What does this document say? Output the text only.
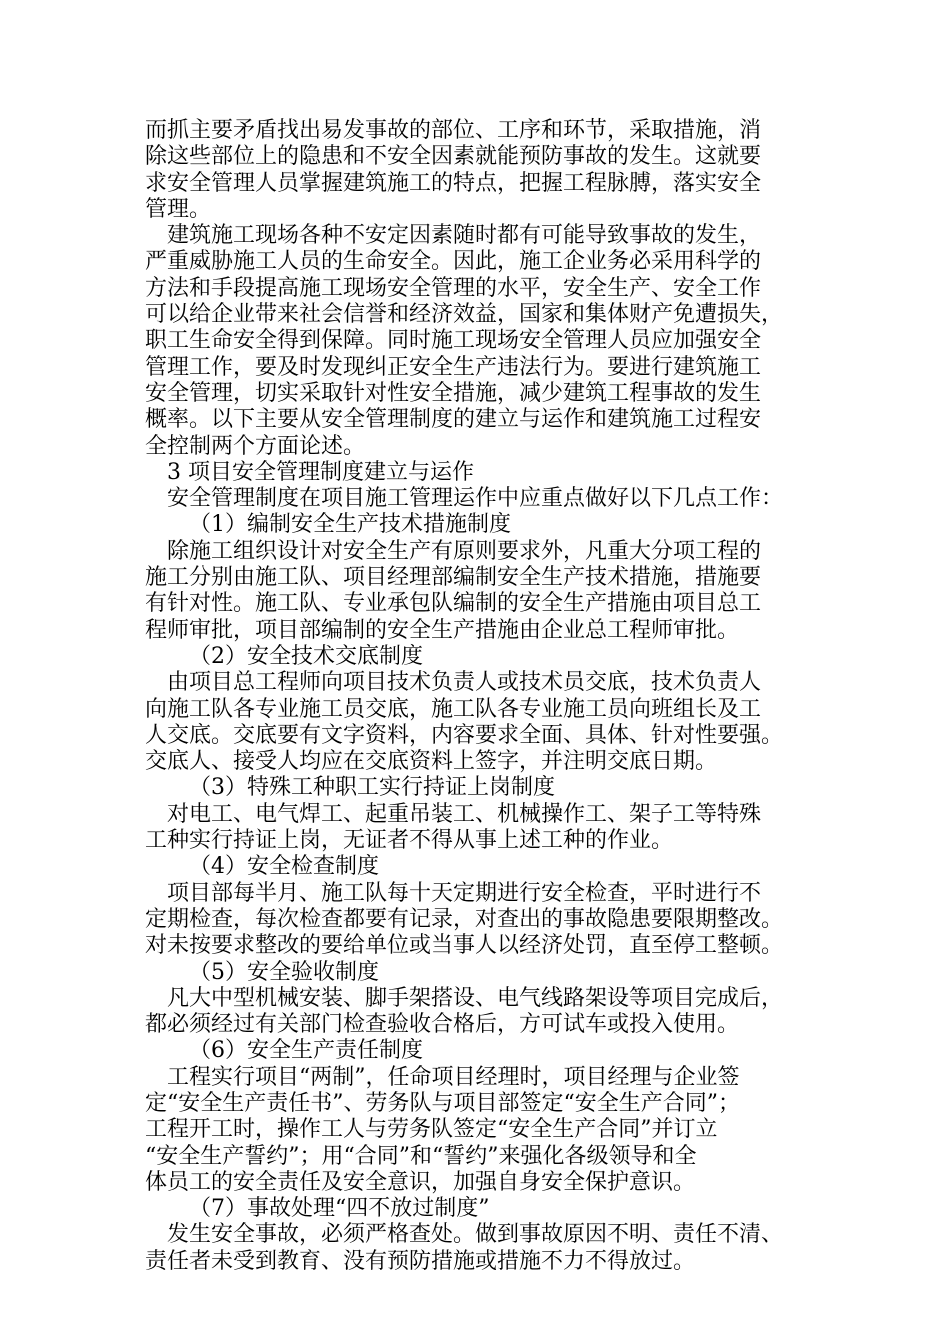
而抓主要矛盾找出易发事故的部位、工序和环节，采取措施，消
除这些部位上的隐患和不安全因素就能预防事故的发生。这就要
求安全管理人员掌握建筑施工的特点，把握工程脉膊，落实安全
管理。
建筑施工现场各种不安定因素随时都有可能导致事故的发生，
严重威胁施工人员的生命安全。因此，施工企业务必采用科学的
方法和手段提高施工现场安全管理的水平，安全生产、安全工作
可以给企业带来社会信誉和经济效益，国家和集体财产免遭损失，
职工生命安全得到保障。同时施工现场安全管理人员应加强安全
管理工作，要及时发现纠正安全生产违法行为。要进行建筑施工
安全管理，切实采取针对性安全措施，减少建筑工程事故的发生
概率。以下主要从安全管理制度的建立与运作和建筑施工过程安
全控制两个方面论述。
3 项目安全管理制度建立与运作
安全管理制度在项目施工管理运作中应重点做好以下几点工作：
（1）编制安全生产技术措施制度
除施工组织设计对安全生产有原则要求外，凡重大分项工程的
施工分别由施工队、项目经理部编制安全生产技术措施，措施要
有针对性。施工队、专业承包队编制的安全生产措施由项目总工
程师审批，项目部编制的安全生产措施由企业总工程师审批。
（2）安全技术交底制度
由项目总工程师向项目技术负责人或技术员交底，技术负责人
向施工队各专业施工员交底，施工队各专业施工员向班组长及工
人交底。交底要有文字资料，内容要求全面、具体、针对性要强。
交底人、接受人均应在交底资料上签字，并注明交底日期。
（3）特殊工种职工实行持证上岗制度
对电工、电气焊工、起重吊装工、机械操作工、架子工等特殊
工种实行持证上岗，无证者不得从事上述工种的作业。
（4）安全检查制度
项目部每半月、施工队每十天定期进行安全检查，平时进行不
定期检查，每次检查都要有记录，对查出的事故隐患要限期整改。
对未按要求整改的要给单位或当事人以经济处罚，直至停工整顿。
（5）安全验收制度
凡大中型机械安装、脚手架搭设、电气线路架设等项目完成后，
都必须经过有关部门检查验收合格后，方可试车或投入使用。
（6）安全生产责任制度
工程实行项目“两制”，任命项目经理时，项目经理与企业签
定“安全生产责任书”、劳务队与项目部签定“安全生产合同”；
工程开工时，操作工人与劳务队签定“安全生产合同”并订立
“安全生产誓约”；用“合同”和“誓约”来强化各级领导和全
体员工的安全责任及安全意识，加强自身安全保护意识。
（7）事故处理“四不放过制度”
发生安全事故，必须严格查处。做到事故原因不明、责任不清、
责任者未受到教育、没有预防措施或措施不力不得放过。
